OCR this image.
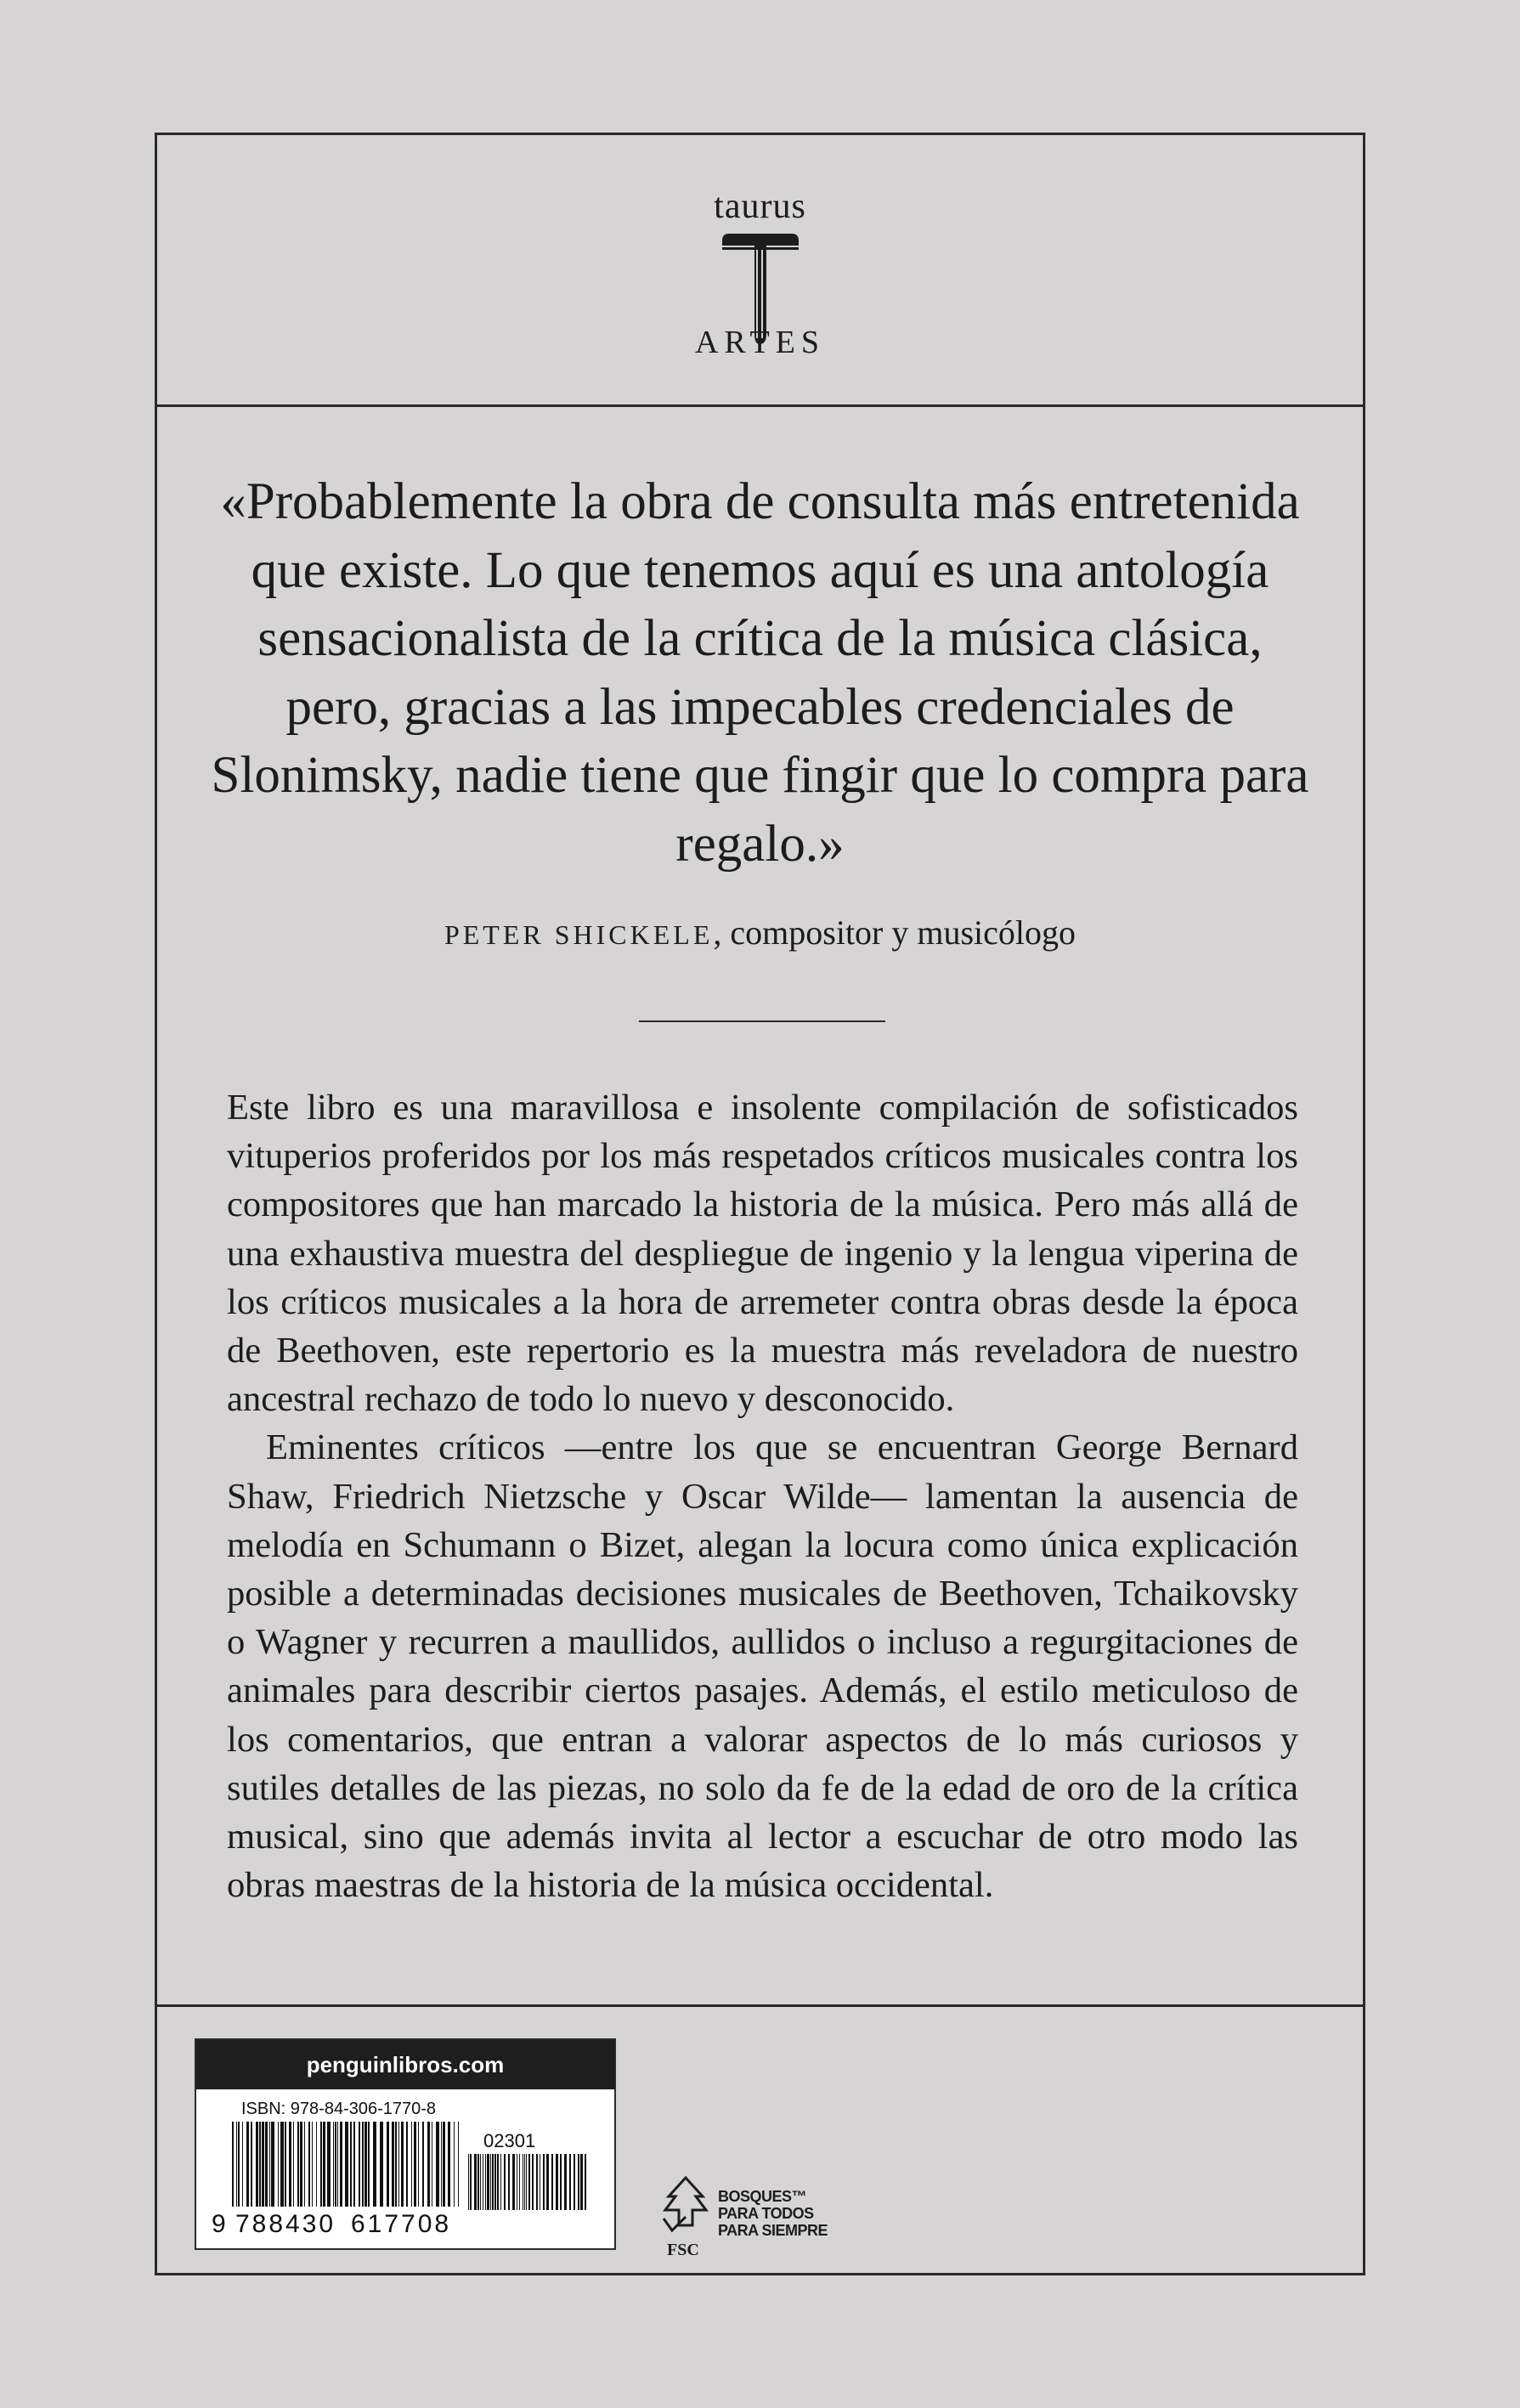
taurus
ARTES
«Probablemente la obra de consulta más entretenida que existe. Lo que tenemos aquí es una antología sensacionalista de la crítica de la música clásica, pero, gracias a las impecables credenciales de Slonimsky, nadie tiene que fingir que lo compra para regalo.»
PETER SHICKELE, compositor y musicólogo

Este libro es una maravillosa e insolente compilación de sofisticados vituperios proferidos por los más respetados críticos musicales contra los compositores que han marcado la historia de la música. Pero más allá de una exhaustiva muestra del despliegue de ingenio y la lengua viperina de los críticos musicales a la hora de arremeter contra obras desde la época de Beethoven, este repertorio es la muestra más reveladora de nuestro ancestral rechazo de todo lo nuevo y desconocido.

Eminentes críticos —entre los que se encuentran George Bernard Shaw, Friedrich Nietzsche y Oscar Wilde— lamentan la ausencia de melodía en Schumann o Bizet, alegan la locura como única explicación posible a determinadas decisiones musicales de Beethoven, Tchaikovsky o Wagner y recurren a maullidos, aullidos o incluso a regurgitaciones de animales para describir ciertos pasajes. Además, el estilo meticuloso de los comentarios, que entran a valorar aspectos de lo más curiosos y sutiles detalles de las piezas, no solo da fe de la edad de oro de la crítica musical, sino que además invita al lector a escuchar de otro modo las obras maestras de la historia de la música occidental.

penguinlibros.com
ISBN: 978-84-306-1770-8
02301
9 788430 617708
FSC
BOSQUES™
PARA TODOS
PARA SIEMPRE
